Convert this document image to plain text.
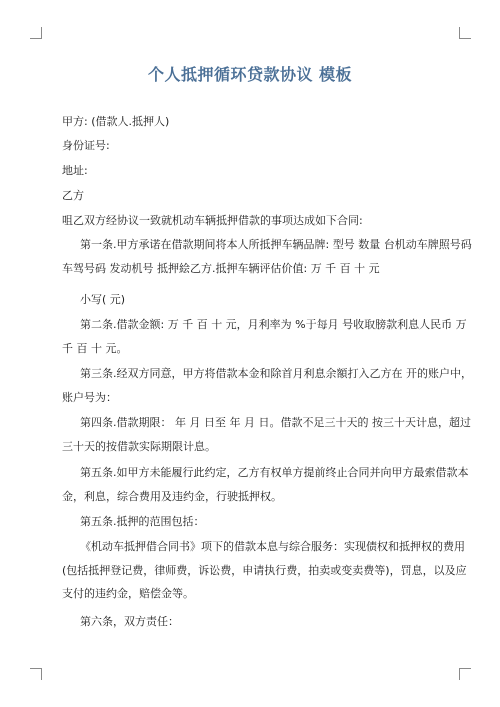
个人抵押循环贷款协议 模板
甲方: (借款人.抵押人)
身份证号:
地址:
乙方
咀乙双方经协议一致就机动车辆抵押借款的事项达成如下合同:
第一条.甲方承诺在借款期间将本人所抵押车辆品牌: 型号 数量 台机动车牌照号码
车驾号码 发动机号 抵押絵乙方.抵押车辆评估价值: 万 千 百 十 元
小写( 元)
第二条.借款金额: 万 千 百 十 元，月利率为 %于每月 号收取膀款利息人民币 万
千 百 十 元。
第三条.经双方同意，甲方将借款本金和除首月利息余額打入乙方在 开的账户中，
账户号为：
第四条.借款期限： 年 月 日至 年 月 日。借款不足三十天的 按三十天计息，超过
三十天的按借款实际期限计息。
第五条.如甲方未能履行此约定，乙方有权单方提前终止合同并向甲方最索借款本
金，利息，综合费用及违约金，行驶抵押权。
第五条.抵押的范围包括：
《机动车抵押借合同书》项下的借款本息与综合服务：实现债权和抵押权的费用
(包括抵押登记费，律师费，诉讼费，申请执行费，拍卖或变卖费等)，罚息，以及应
支付的违约金，赔偿金等。
第六条，双方责任：
